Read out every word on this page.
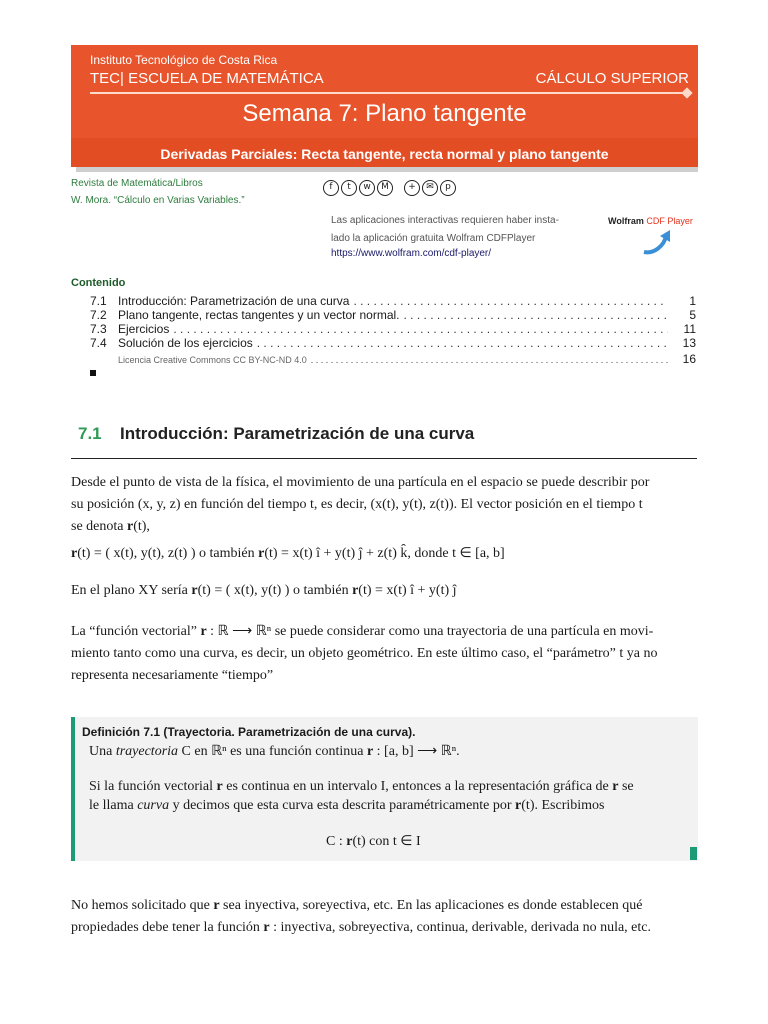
Instituto Tecnológico de Costa Rica
TEC| ESCUELA DE MATEMÁTICA	CÁLCULO SUPERIOR
Semana 7: Plano tangente
Derivadas Parciales: Recta tangente, recta normal y plano tangente
Revista de Matemática/Libros
W. Mora. “Cálculo en Varias Variables.”
f	t	w	M	+	✉	p
Las aplicaciones interactivas requieren haber insta-
lado la aplicación gratuita Wolfram CDFPlayer
https://www.wolfram.com/cdf-player/
Wolfram CDF Player
Contenido
7.1 Introducción: Parametrización de una curva . . .	1
7.2 Plano tangente, rectas tangentes y un vector normal. . . .	5
7.3 Ejercicios . . .	11
7.4 Solución de los ejercicios . . .	13
Licencia Creative Commons CC BY-NC-ND 4.0 . . .	16
7.1 Introducción: Parametrización de una curva
Desde el punto de vista de la física, el movimiento de una partícula en el espacio se puede describir por
su posición (x, y, z) en función del tiempo t, es decir, (x(t), y(t), z(t)). El vector posición en el tiempo t
se denota r(t),
r(t) = ( x(t), y(t), z(t) ) o también r(t) = x(t) î + y(t) ĵ + z(t) k̂, donde t ∈ [a, b]
En el plano XY sería r(t) = ( x(t), y(t) ) o también r(t) = x(t) î + y(t) ĵ
La “función vectorial” r : ℝ ⟶ ℝⁿ se puede considerar como una trayectoria de una partícula en movi-
miento tanto como una curva, es decir, un objeto geométrico. En este último caso, el “parámetro” t ya no
representa necesariamente “tiempo”
Definición 7.1 (Trayectoria. Parametrización de una curva).
Una trayectoria C en ℝⁿ es una función continua r : [a, b] ⟶ ℝⁿ.
Si la función vectorial r es continua en un intervalo I, entonces a la representación gráfica de r se
le llama curva y decimos que esta curva esta descrita paramétricamente por r(t). Escribimos
C : r(t) con t ∈ I
No hemos solicitado que r sea inyectiva, soreyectiva, etc. En las aplicaciones es donde establecen qué
propiedades debe tener la función r : inyectiva, sobreyectiva, continua, derivable, derivada no nula, etc.
